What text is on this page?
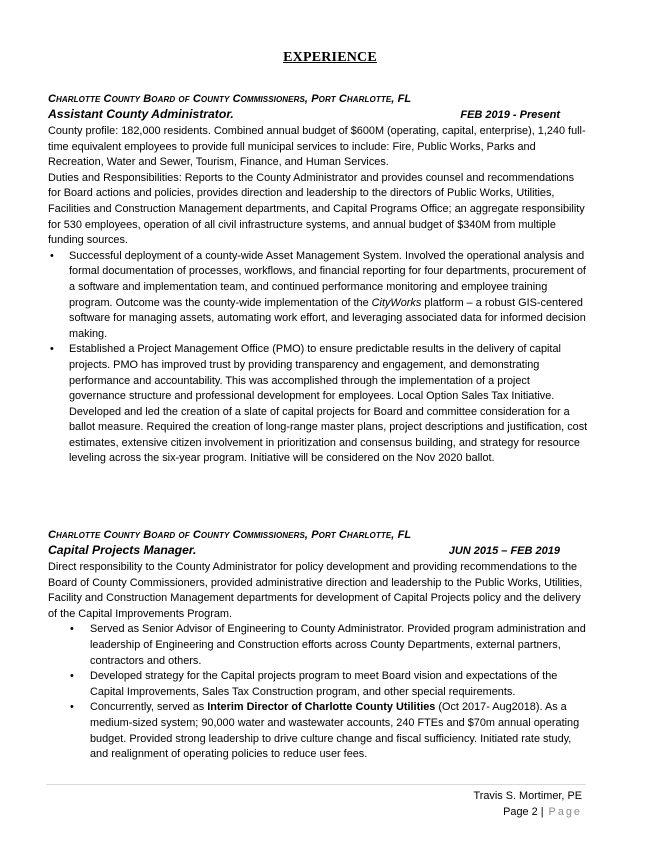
EXPERIENCE
Charlotte County Board of County Commissioners, Port Charlotte, FL
Assistant County Administrator.	FEB 2019 - Present

County profile: 182,000 residents. Combined annual budget of $600M (operating, capital, enterprise), 1,240 full-time equivalent employees to provide full municipal services to include: Fire, Public Works, Parks and Recreation, Water and Sewer, Tourism, Finance, and Human Services.

Duties and Responsibilities: Reports to the County Administrator and provides counsel and recommendations for Board actions and policies, provides direction and leadership to the directors of Public Works, Utilities, Facilities and Construction Management departments, and Capital Programs Office; an aggregate responsibility for 530 employees, operation of all civil infrastructure systems, and annual budget of $340M from multiple funding sources.

• Successful deployment of a county-wide Asset Management System. Involved the operational analysis and formal documentation of processes, workflows, and financial reporting for four departments, procurement of a software and implementation team, and continued performance monitoring and employee training program. Outcome was the county-wide implementation of the CityWorks platform – a robust GIS-centered software for managing assets, automating work effort, and leveraging associated data for informed decision making.
• Established a Project Management Office (PMO) to ensure predictable results in the delivery of capital projects. PMO has improved trust by providing transparency and engagement, and demonstrating performance and accountability. This was accomplished through the implementation of a project governance structure and professional development for employees. Local Option Sales Tax Initiative. Developed and led the creation of a slate of capital projects for Board and committee consideration for a ballot measure. Required the creation of long-range master plans, project descriptions and justification, cost estimates, extensive citizen involvement in prioritization and consensus building, and strategy for resource leveling across the six-year program. Initiative will be considered on the Nov 2020 ballot.
Charlotte County Board of County Commissioners, Port Charlotte, FL
Capital Projects Manager.	JUN 2015 – FEB 2019

Direct responsibility to the County Administrator for policy development and providing recommendations to the Board of County Commissioners, provided administrative direction and leadership to the Public Works, Utilities, Facility and Construction Management departments for development of Capital Projects policy and the delivery of the Capital Improvements Program.

• Served as Senior Advisor of Engineering to County Administrator. Provided program administration and leadership of Engineering and Construction efforts across County Departments, external partners, contractors and others.
• Developed strategy for the Capital projects program to meet Board vision and expectations of the Capital Improvements, Sales Tax Construction program, and other special requirements.
• Concurrently, served as Interim Director of Charlotte County Utilities (Oct 2017- Aug2018). As a medium-sized system; 90,000 water and wastewater accounts, 240 FTEs and $70m annual operating budget. Provided strong leadership to drive culture change and fiscal sufficiency. Initiated rate study, and realignment of operating policies to reduce user fees.
Travis S. Mortimer, PE
Page 2 | Page
